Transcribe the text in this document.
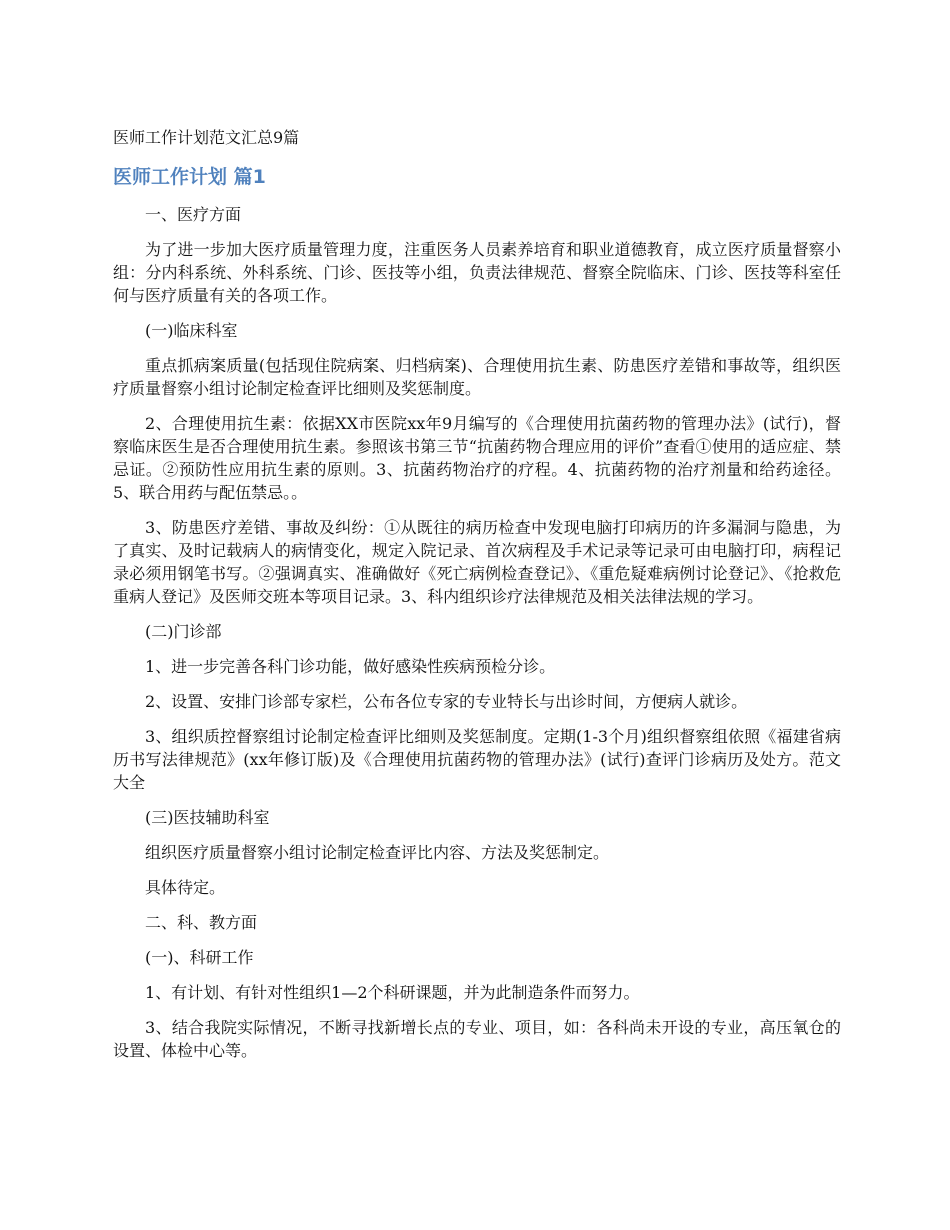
医师工作计划范文汇总9篇
医师工作计划 篇1

一、医疗方面

为了进一步加大医疗质量管理力度，注重医务人员素养培育和职业道德教育，成立医疗质量督察小组：分内科系统、外科系统、门诊、医技等小组，负责法律规范、督察全院临床、门诊、医技等科室任何与医疗质量有关的各项工作。

(一)临床科室

重点抓病案质量(包括现住院病案、归档病案)、合理使用抗生素、防患医疗差错和事故等，组织医疗质量督察小组讨论制定检查评比细则及奖惩制度。

2、合理使用抗生素：依据XX市医院xx年9月编写的《合理使用抗菌药物的管理办法》(试行)，督察临床医生是否合理使用抗生素。参照该书第三节“抗菌药物合理应用的评价”查看①使用的适应症、禁忌证。②预防性应用抗生素的原则。3、抗菌药物治疗的疗程。4、抗菌药物的治疗剂量和给药途径。5、联合用药与配伍禁忌。。

3、防患医疗差错、事故及纠纷：①从既往的病历检查中发现电脑打印病历的许多漏洞与隐患，为了真实、及时记载病人的病情变化，规定入院记录、首次病程及手术记录等记录可由电脑打印，病程记录必须用钢笔书写。②强调真实、准确做好《死亡病例检查登记》、《重危疑难病例讨论登记》、《抢救危重病人登记》及医师交班本等项目记录。3、科内组织诊疗法律规范及相关法律法规的学习。

(二)门诊部

1、进一步完善各科门诊功能，做好感染性疾病预检分诊。

2、设置、安排门诊部专家栏，公布各位专家的专业特长与出诊时间，方便病人就诊。

3、组织质控督察组讨论制定检查评比细则及奖惩制度。定期(1-3个月)组织督察组依照《福建省病历书写法律规范》(xx年修订版)及《合理使用抗菌药物的管理办法》(试行)查评门诊病历及处方。范文大全

(三)医技辅助科室

组织医疗质量督察小组讨论制定检查评比内容、方法及奖惩制定。

具体待定。

二、科、教方面

(一)、科研工作

1、有计划、有针对性组织1—2个科研课题，并为此制造条件而努力。

3、结合我院实际情况，不断寻找新增长点的专业、项目，如：各科尚未开设的专业，高压氧仓的设置、体检中心等。
